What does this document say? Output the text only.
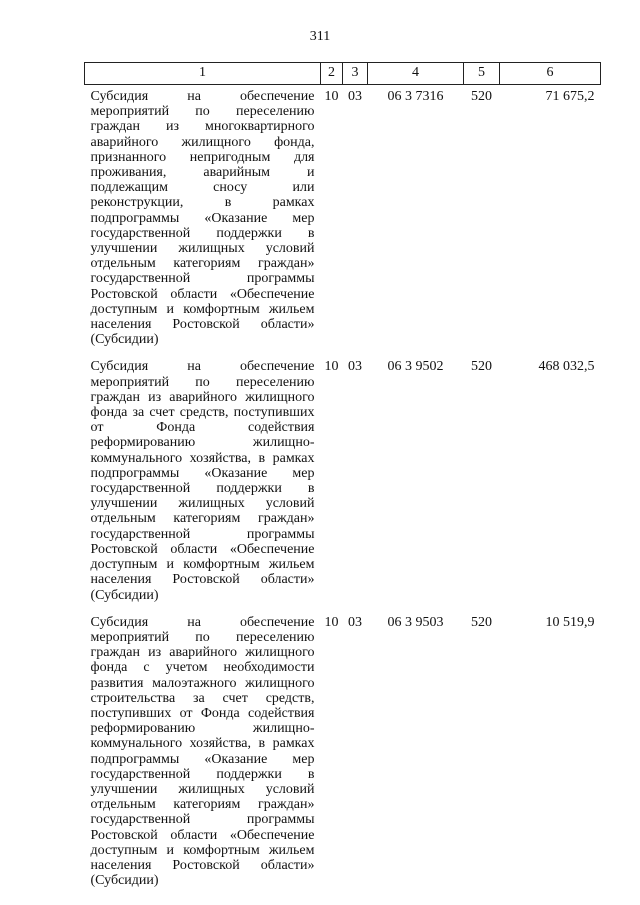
311
1	2	3	4	5	6
Субсидия на обеспечение мероприятий по переселению граждан из многоквартирного аварийного жилищного фонда, признанного непригодным для проживания, аварийным и подлежащим сносу или реконструкции, в рамках подпрограммы «Оказание мер государственной поддержки в улучшении жилищных условий отдельным категориям граждан» государственной программы Ростовской области «Обеспечение доступным и комфортным жильем населения Ростовской области» (Субсидии)	10	03	06 3 7316	520	71 675,2
Субсидия на обеспечение мероприятий по переселению граждан из аварийного жилищного фонда за счет средств, поступивших от Фонда содействия реформированию жилищно-коммунального хозяйства, в рамках подпрограммы «Оказание мер государственной поддержки в улучшении жилищных условий отдельным категориям граждан» государственной программы Ростовской области «Обеспечение доступным и комфортным жильем населения Ростовской области» (Субсидии)	10	03	06 3 9502	520	468 032,5
Субсидия на обеспечение мероприятий по переселению граждан из аварийного жилищного фонда с учетом необходимости развития малоэтажного жилищного строительства за счет средств, поступивших от Фонда содействия реформированию жилищно-коммунального хозяйства, в рамках подпрограммы «Оказание мер государственной поддержки в улучшении жилищных условий отдельным категориям граждан» государственной программы Ростовской области «Обеспечение доступным и комфортным жильем населения Ростовской области» (Субсидии)	10	03	06 3 9503	520	10 519,9
